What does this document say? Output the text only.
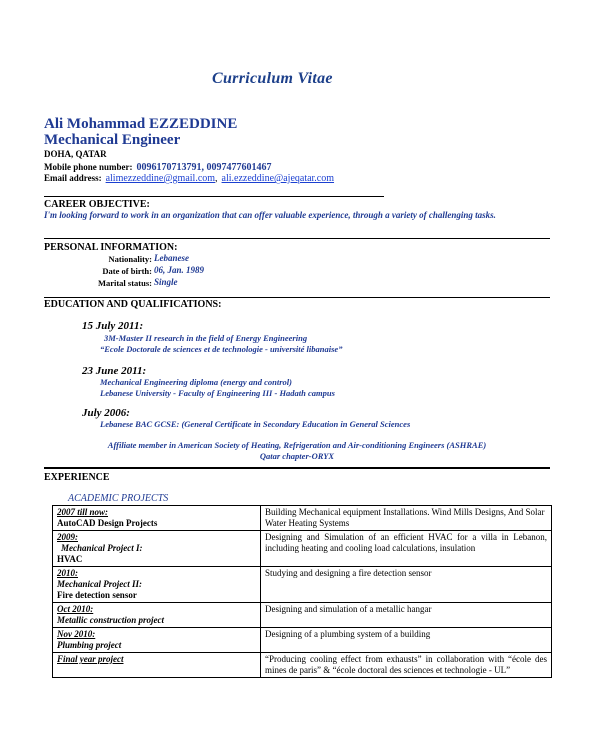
Curriculum Vitae
Ali Mohammad EZZEDDINE
Mechanical Engineer
DOHA, QATAR
Mobile phone number: 0096170713791, 0097477601467
Email address: alimezzeddine@gmail.com, ali.ezzeddine@ajeqatar.com
CAREER OBJECTIVE:
I'm looking forward to work in an organization that can offer valuable experience, through a variety of challenging tasks.
PERSONAL INFORMATION:
Nationality: Lebanese
Date of birth: 06, Jan. 1989
Marital status: Single
EDUCATION AND QUALIFICATIONS:
15 July 2011:
3M-Master II research in the field of Energy Engineering
“Ecole Doctorale de sciences et de technologie - université libanaise”
23 June 2011:
Mechanical Engineering diploma (energy and control)
Lebanese University - Faculty of Engineering III - Hadath campus
July 2006:
Lebanese BAC GCSE: (General Certificate in Secondary Education in General Sciences
Affiliate member in American Society of Heating, Refrigeration and Air-conditioning Engineers (ASHRAE)
Qatar chapter-ORYX
EXPERIENCE
ACADEMIC PROJECTS
2007 till now:
AutoCAD Design Projects	Building Mechanical equipment Installations. Wind Mills Designs, And Solar Water Heating Systems

2009:
Mechanical Project I:
HVAC	Designing and Simulation of an efficient HVAC for a villa in Lebanon, including heating and cooling load calculations, insulation

2010:
Mechanical Project II:
Fire detection sensor	Studying and designing a fire detection sensor

Oct 2010:
Metallic construction project	Designing and simulation of a metallic hangar

Nov 2010:
Plumbing project	Designing of a plumbing system of a building

Final year project	“Producing cooling effect from exhausts” in collaboration with “école des mines de paris” & “école doctoral des sciences et technologie - UL”
